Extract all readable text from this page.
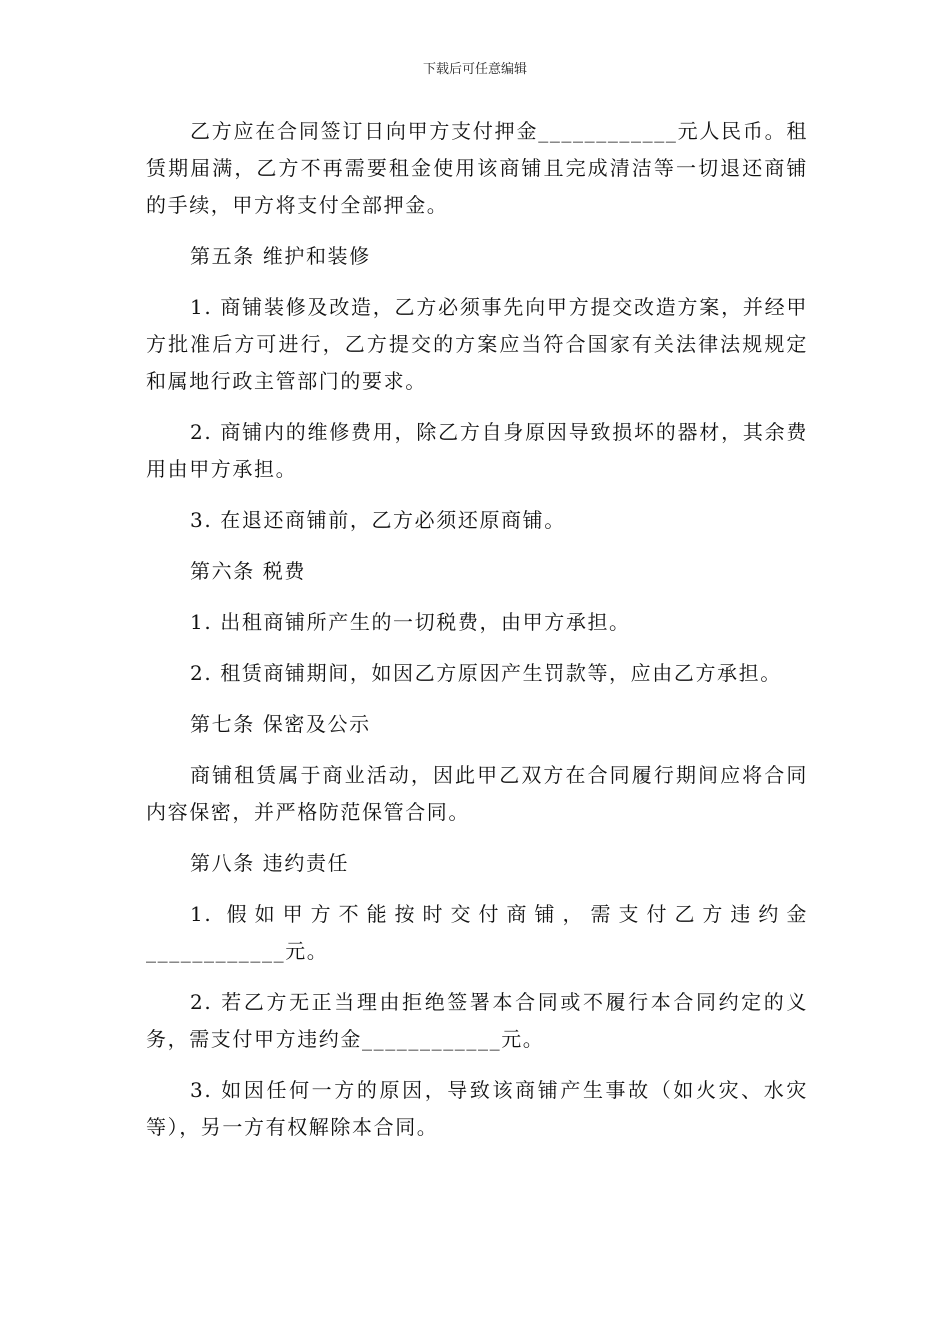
下载后可任意编辑

乙方应在合同签订日向甲方支付押金____________元人民币。租赁期届满，乙方不再需要租金使用该商铺且完成清洁等一切退还商铺的手续，甲方将支付全部押金。

第五条 维护和装修

1. 商铺装修及改造，乙方必须事先向甲方提交改造方案，并经甲方批准后方可进行，乙方提交的方案应当符合国家有关法律法规规定和属地行政主管部门的要求。

2. 商铺内的维修费用，除乙方自身原因导致损坏的器材，其余费用由甲方承担。

3. 在退还商铺前，乙方必须还原商铺。

第六条 税费

1. 出租商铺所产生的一切税费，由甲方承担。

2. 租赁商铺期间，如因乙方原因产生罚款等，应由乙方承担。

第七条 保密及公示

商铺租赁属于商业活动，因此甲乙双方在合同履行期间应将合同内容保密，并严格防范保管合同。

第八条 违约责任

1. 假如甲方不能按时交付商铺，需支付乙方违约金____________元。

2. 若乙方无正当理由拒绝签署本合同或不履行本合同约定的义务，需支付甲方违约金____________元。

3. 如因任何一方的原因，导致该商铺产生事故（如火灾、水灾等），另一方有权解除本合同。
